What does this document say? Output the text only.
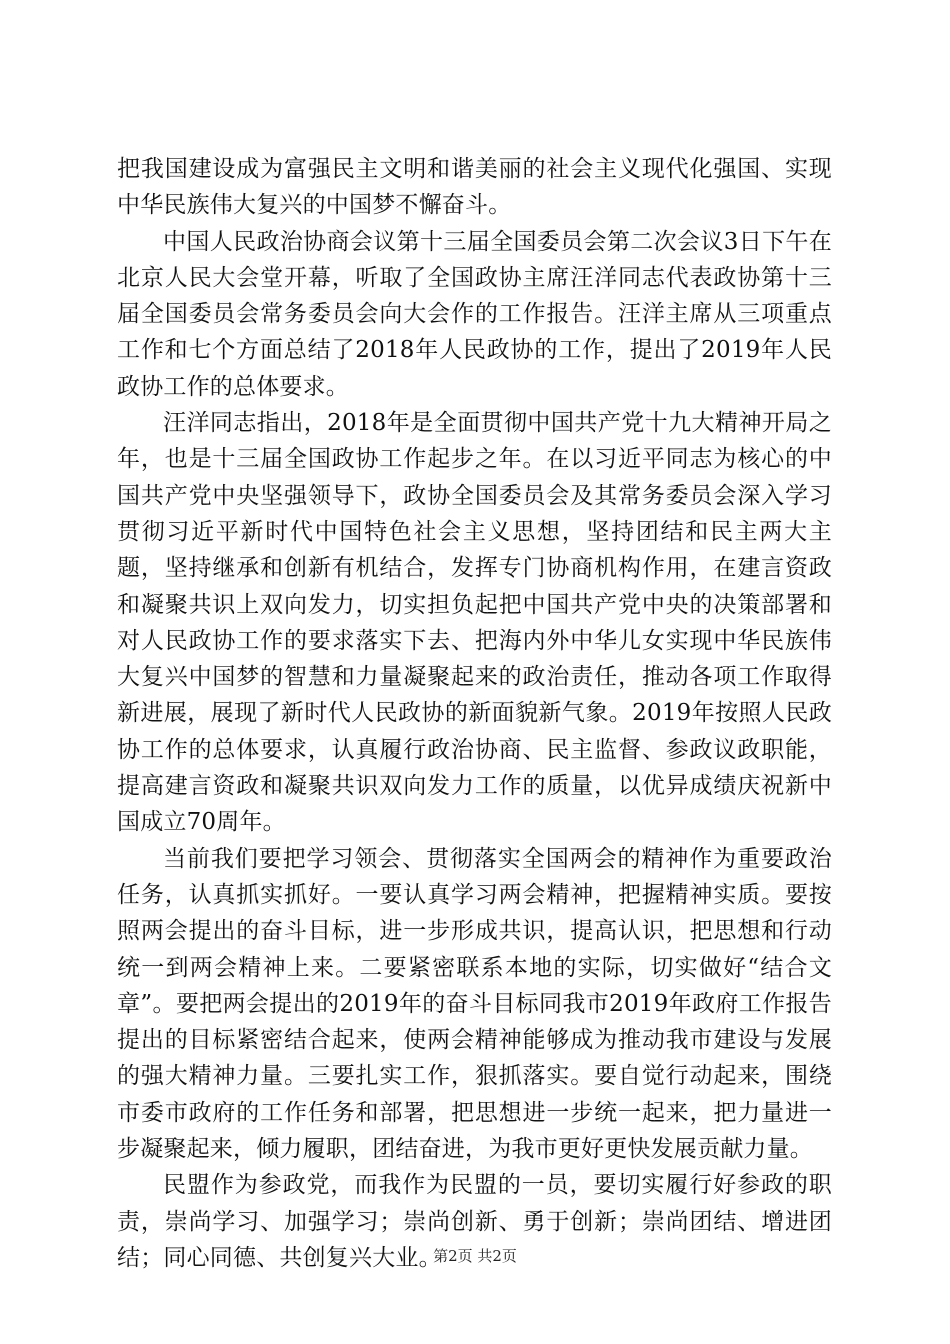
把我国建设成为富强民主文明和谐美丽的社会主义现代化强国、实现中华民族伟大复兴的中国梦不懈奋斗。

中国人民政治协商会议第十三届全国委员会第二次会议3日下午在北京人民大会堂开幕，听取了全国政协主席汪洋同志代表政协第十三届全国委员会常务委员会向大会作的工作报告。汪洋主席从三项重点工作和七个方面总结了2018年人民政协的工作，提出了2019年人民政协工作的总体要求。

汪洋同志指出，2018年是全面贯彻中国共产党十九大精神开局之年，也是十三届全国政协工作起步之年。在以习近平同志为核心的中国共产党中央坚强领导下，政协全国委员会及其常务委员会深入学习贯彻习近平新时代中国特色社会主义思想，坚持团结和民主两大主题，坚持继承和创新有机结合，发挥专门协商机构作用，在建言资政和凝聚共识上双向发力，切实担负起把中国共产党中央的决策部署和对人民政协工作的要求落实下去、把海内外中华儿女实现中华民族伟大复兴中国梦的智慧和力量凝聚起来的政治责任，推动各项工作取得新进展，展现了新时代人民政协的新面貌新气象。2019年按照人民政协工作的总体要求，认真履行政治协商、民主监督、参政议政职能，提高建言资政和凝聚共识双向发力工作的质量，以优异成绩庆祝新中国成立70周年。

当前我们要把学习领会、贯彻落实全国两会的精神作为重要政治任务，认真抓实抓好。一要认真学习两会精神，把握精神实质。要按照两会提出的奋斗目标，进一步形成共识，提高认识，把思想和行动统一到两会精神上来。二要紧密联系本地的实际，切实做好“结合文章”。要把两会提出的2019年的奋斗目标同我市2019年政府工作报告提出的目标紧密结合起来，使两会精神能够成为推动我市建设与发展的强大精神力量。三要扎实工作，狠抓落实。要自觉行动起来，围绕市委市政府的工作任务和部署，把思想进一步统一起来，把力量进一步凝聚起来，倾力履职，团结奋进，为我市更好更快发展贡献力量。

民盟作为参政党，而我作为民盟的一员，要切实履行好参政的职责，崇尚学习、加强学习；崇尚创新、勇于创新；崇尚团结、增进团结；同心同德、共创复兴大业。

第2页 共2页
